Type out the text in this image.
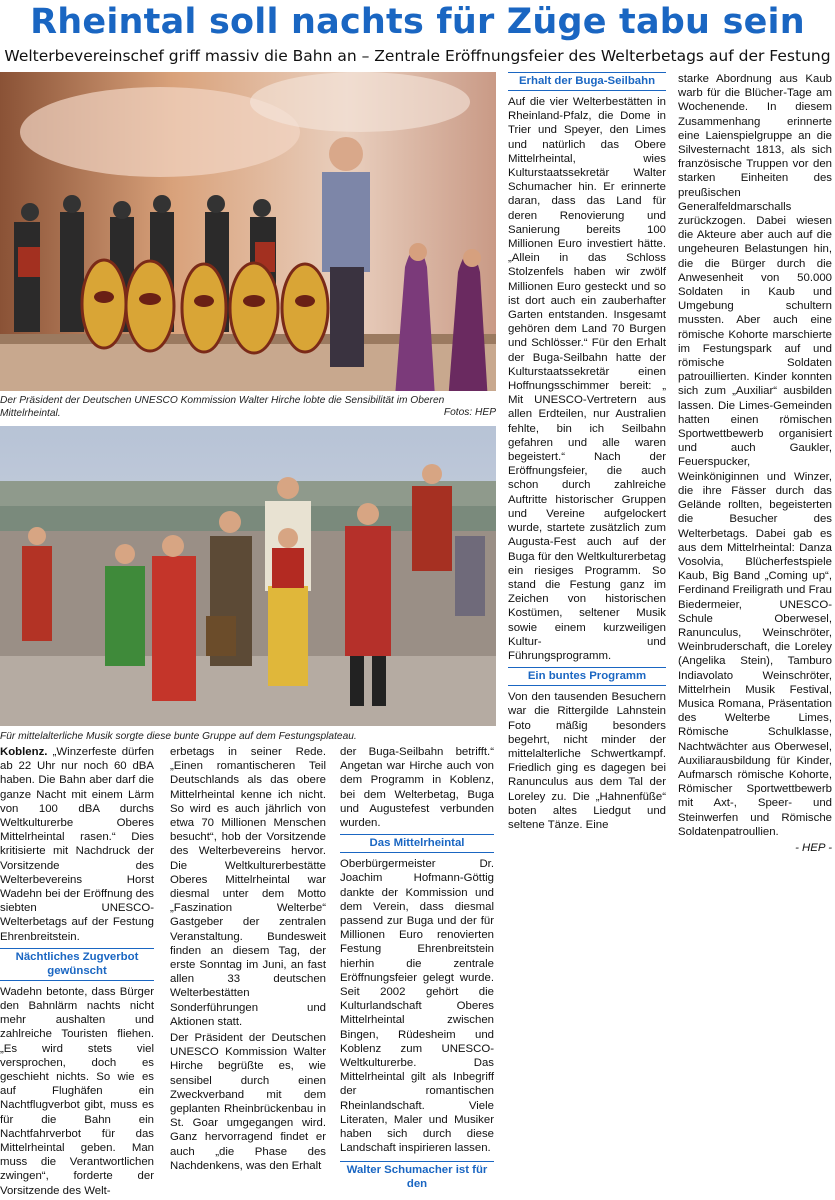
Rheintal soll nachts für Züge tabu sein
Welterbevereinschef griff massiv die Bahn an – Zentrale Eröffnungsfeier des Welterbetags auf der Festung
Der Präsident der Deutschen UNESCO Kommission Walter Hirche lobte die Sensibilität im Oberen Mittelrheintal.	Fotos: HEP
Für mittelalterliche Musik sorgte diese bunte Gruppe auf dem Festungsplateau.

Koblenz. „Winzerfeste dürfen ab 22 Uhr nur noch 60 dBA haben. Die Bahn aber darf die ganze Nacht mit einem Lärm von 100 dBA durchs Weltkulturerbe Oberes Mittelrheintal rasen.“ Dies kritisierte mit Nachdruck der Vorsitzende des Welterbevereins Horst Wadehn bei der Eröffnung des siebten UNESCO-Welterbetags auf der Festung Ehrenbreitstein.

Nächtliches Zugverbot gewünscht

Wadehn betonte, dass Bürger den Bahnlärm nachts nicht mehr aushalten und zahlreiche Touristen fliehen. „Es wird stets viel versprochen, doch es geschieht nichts. So wie es auf Flughäfen ein Nachtflugverbot gibt, muss es für die Bahn ein Nachtfahrverbot für das Mittelrheintal geben. Man muss die Verantwortlichen zwingen“, forderte der Vorsitzende des Welt-

erbetags in seiner Rede. „Einen romantischeren Teil Deutschlands als das obere Mittelrheintal kenne ich nicht. So wird es auch jährlich von etwa 70 Millionen Menschen besucht“, hob der Vorsitzende des Welterbevereins hervor. Die Weltkulturerbestätte Oberes Mittelrheintal war diesmal unter dem Motto „Faszination Welterbe“ Gastgeber der zentralen Veranstaltung. Bundesweit finden an diesem Tag, der erste Sonntag im Juni, an fast allen 33 deutschen Welterbestätten Sonderführungen und Aktionen statt.

Der Präsident der Deutschen UNESCO Kommission Walter Hirche begrüßte es, wie sensibel durch einen Zweckverband mit dem geplanten Rheinbrückenbau in St. Goar umgegangen wird. Ganz hervorragend findet er auch „die Phase des Nachdenkens, was den Erhalt

der Buga-Seilbahn betrifft.“ Angetan war Hirche auch von dem Programm in Koblenz, bei dem Welterbetag, Buga und Augustefest verbunden wurden.

Das Mittelrheintal

Oberbürgermeister Dr. Joachim Hofmann-Göttig dankte der Kommission und dem Verein, dass diesmal passend zur Buga und der für Millionen Euro renovierten Festung Ehrenbreitstein hierhin die zentrale Eröffnungsfeier gelegt wurde. Seit 2002 gehört die Kulturlandschaft Oberes Mittelrheintal zwischen Bingen, Rüdesheim und Koblenz zum UNESCO-Weltkulturerbe. Das Mittelrheintal gilt als Inbegriff der romantischen Rheinlandschaft. Viele Literaten, Maler und Musiker haben sich durch diese Landschaft inspirieren lassen.

Walter Schumacher ist für den
Erhalt der Buga-Seilbahn

Auf die vier Welterbestätten in Rheinland-Pfalz, die Dome in Trier und Speyer, den Limes und natürlich das Obere Mittelrheintal, wies Kulturstaatssekretär Walter Schumacher hin. Er erinnerte daran, dass das Land für deren Renovierung und Sanierung bereits 100 Millionen Euro investiert hätte. „Allein in das Schloss Stolzenfels haben wir zwölf Millionen Euro gesteckt und so ist dort auch ein zauberhafter Garten entstanden. Insgesamt gehören dem Land 70 Burgen und Schlösser.“ Für den Erhalt der Buga-Seilbahn hatte der Kulturstaatssekretär einen Hoffnungsschimmer bereit: „ Mit UNESCO-Vertretern aus allen Erdteilen, nur Australien fehlte, bin ich Seilbahn gefahren und alle waren begeistert.“ Nach der Eröffnungsfeier, die auch schon durch zahlreiche Auftritte historischer Gruppen und Vereine aufgelockert wurde, startete zusätzlich zum Augusta-Fest auch auf der Buga für den Weltkulturerbetag ein riesiges Programm. So stand die Festung ganz im Zeichen von historischen Kostümen, seltener Musik sowie einem kurzweiligen Kultur- und Führungsprogramm.

Ein buntes Programm

Von den tausenden Besuchern war die Rittergilde Lahnstein Foto mäßig besonders begehrt, nicht minder der mittelalterliche Schwertkampf. Friedlich ging es dagegen bei Ranunculus aus dem Tal der Loreley zu. Die „Hahnenfüße“ boten altes Liedgut und seltene Tänze. Eine

starke Abordnung aus Kaub warb für die Blücher-Tage am Wochenende. In diesem Zusammenhang erinnerte eine Laienspielgruppe an die Silvesternacht 1813, als sich französische Truppen vor den starken Einheiten des preußischen Generalfeldmarschalls zurückzogen. Dabei wiesen die Akteure aber auch auf die ungeheuren Belastungen hin, die die Bürger durch die Anwesenheit von 50.000 Soldaten in Kaub und Umgebung schultern mussten. Aber auch eine römische Kohorte marschierte im Festungspark auf und römische Soldaten patrouillierten. Kinder konnten sich zum „Auxiliar“ ausbilden lassen. Die Limes-Gemeinden hatten einen römischen Sportwettbewerb organisiert und auch Gaukler, Feuerspucker, Weinköniginnen und Winzer, die ihre Fässer durch das Gelände rollten, begeisterten die Besucher des Welterbetags. Dabei gab es aus dem Mittelrheintal: Danza Vosolvia, Blücherfestspiele Kaub, Big Band „Coming up“, Ferdinand Freiligrath und Frau Biedermeier, UNESCO-Schule Oberwesel, Ranunculus, Weinschröter, Weinbruderschaft, die Loreley (Angelika Stein), Tamburo Indiavolato Weinschröter, Mittelrhein Musik Festival, Musica Romana, Präsentation des Welterbe Limes, Römische Schulklasse, Nachtwächter aus Oberwesel, Auxiliarausbildung für Kinder, Aufmarsch römische Kohorte, Römischer Sportwettbewerb mit Axt-, Speer- und Steinwerfen und Römische Soldatenpatroullien.

- HEP -
